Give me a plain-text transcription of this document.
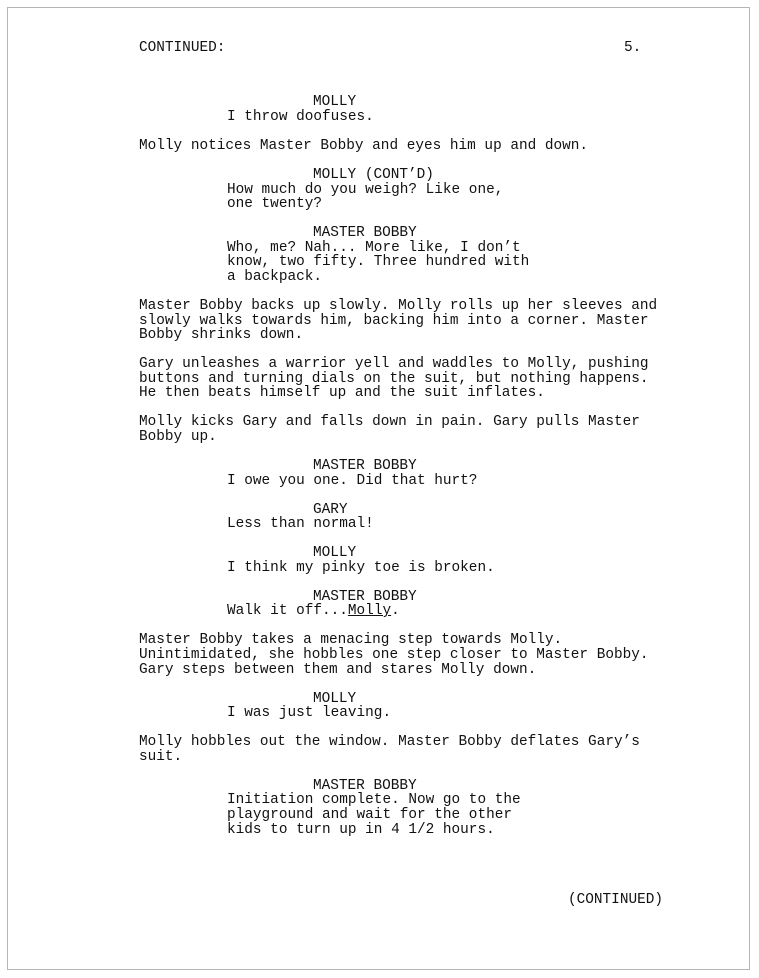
CONTINUED:	5.
MOLLY
I throw doofuses.
Molly notices Master Bobby and eyes him up and down.
MOLLY (CONT’D)
How much do you weigh? Like one,
one twenty?
MASTER BOBBY
Who, me? Nah... More like, I don’t
know, two fifty. Three hundred with
a backpack.
Master Bobby backs up slowly. Molly rolls up her sleeves and
slowly walks towards him, backing him into a corner. Master
Bobby shrinks down.
Gary unleashes a warrior yell and waddles to Molly, pushing
buttons and turning dials on the suit, but nothing happens.
He then beats himself up and the suit inflates.
Molly kicks Gary and falls down in pain. Gary pulls Master
Bobby up.
MASTER BOBBY
I owe you one. Did that hurt?
GARY
Less than normal!
MOLLY
I think my pinky toe is broken.
MASTER BOBBY
Walk it off...Molly.
Master Bobby takes a menacing step towards Molly.
Unintimidated, she hobbles one step closer to Master Bobby.
Gary steps between them and stares Molly down.
MOLLY
I was just leaving.
Molly hobbles out the window. Master Bobby deflates Gary’s
suit.
MASTER BOBBY
Initiation complete. Now go to the
playground and wait for the other
kids to turn up in 4 1/2 hours.
(CONTINUED)
